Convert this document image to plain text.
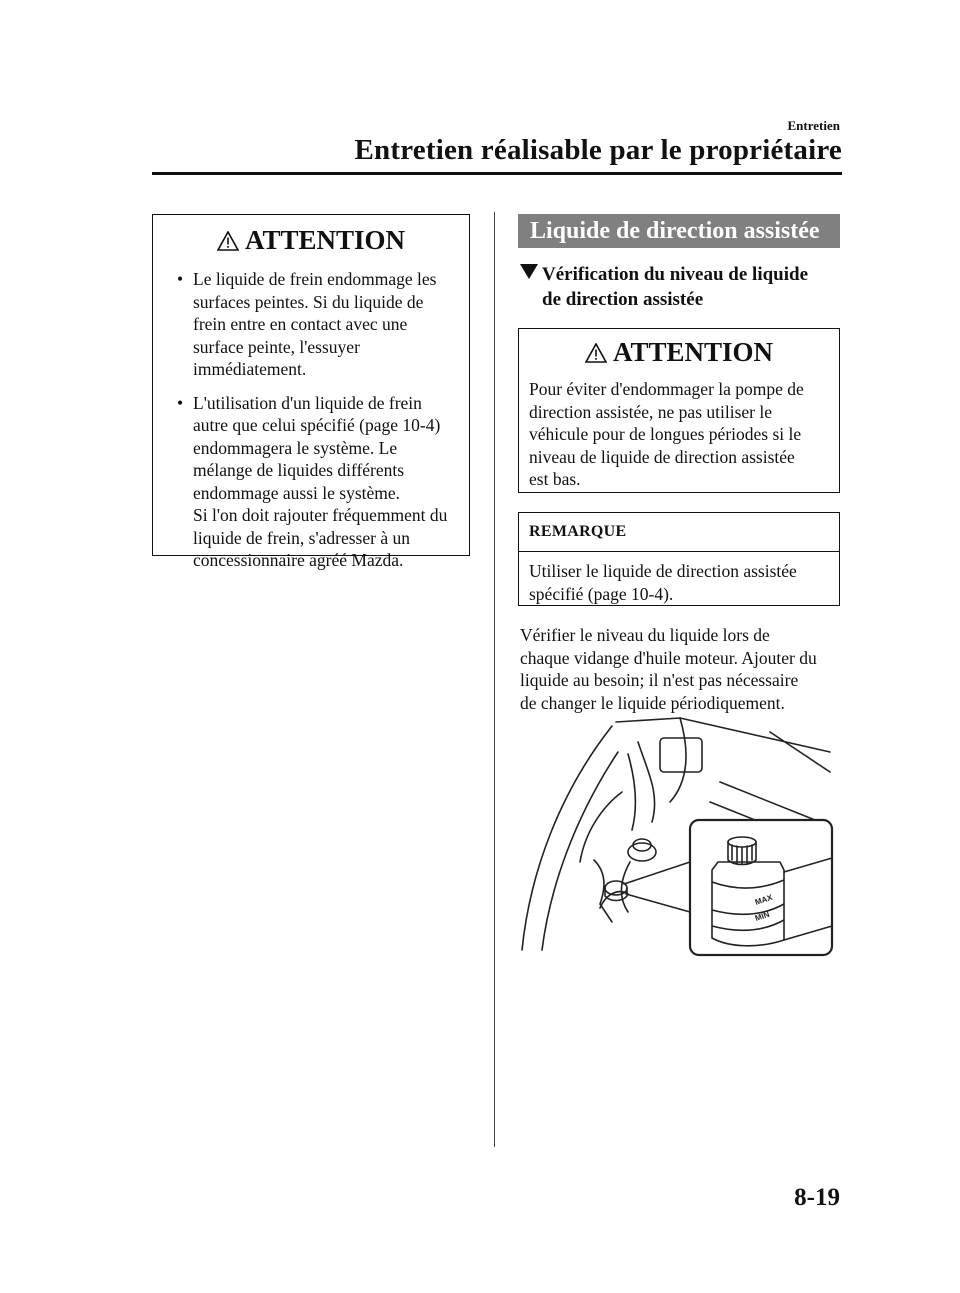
Entretien
Entretien réalisable par le propriétaire
ATTENTION
• Le liquide de frein endommage les
surfaces peintes. Si du liquide de
frein entre en contact avec une
surface peinte, l'essuyer
immédiatement.
• L'utilisation d'un liquide de frein
autre que celui spécifié (page 10-4)
endommagera le système. Le
mélange de liquides différents
endommage aussi le système.
Si l'on doit rajouter fréquemment du
liquide de frein, s'adresser à un
concessionnaire agréé Mazda.
Liquide de direction assistée
Vérification du niveau de liquide
de direction assistée
ATTENTION

Pour éviter d'endommager la pompe de
direction assistée, ne pas utiliser le
véhicule pour de longues périodes si le
niveau de liquide de direction assistée
est bas.

REMARQUE

Utiliser le liquide de direction assistée
spécifié (page 10-4).

Vérifier le niveau du liquide lors de
chaque vidange d'huile moteur. Ajouter du
liquide au besoin; il n'est pas nécessaire
de changer le liquide périodiquement.

MAX
MIN
8-19
